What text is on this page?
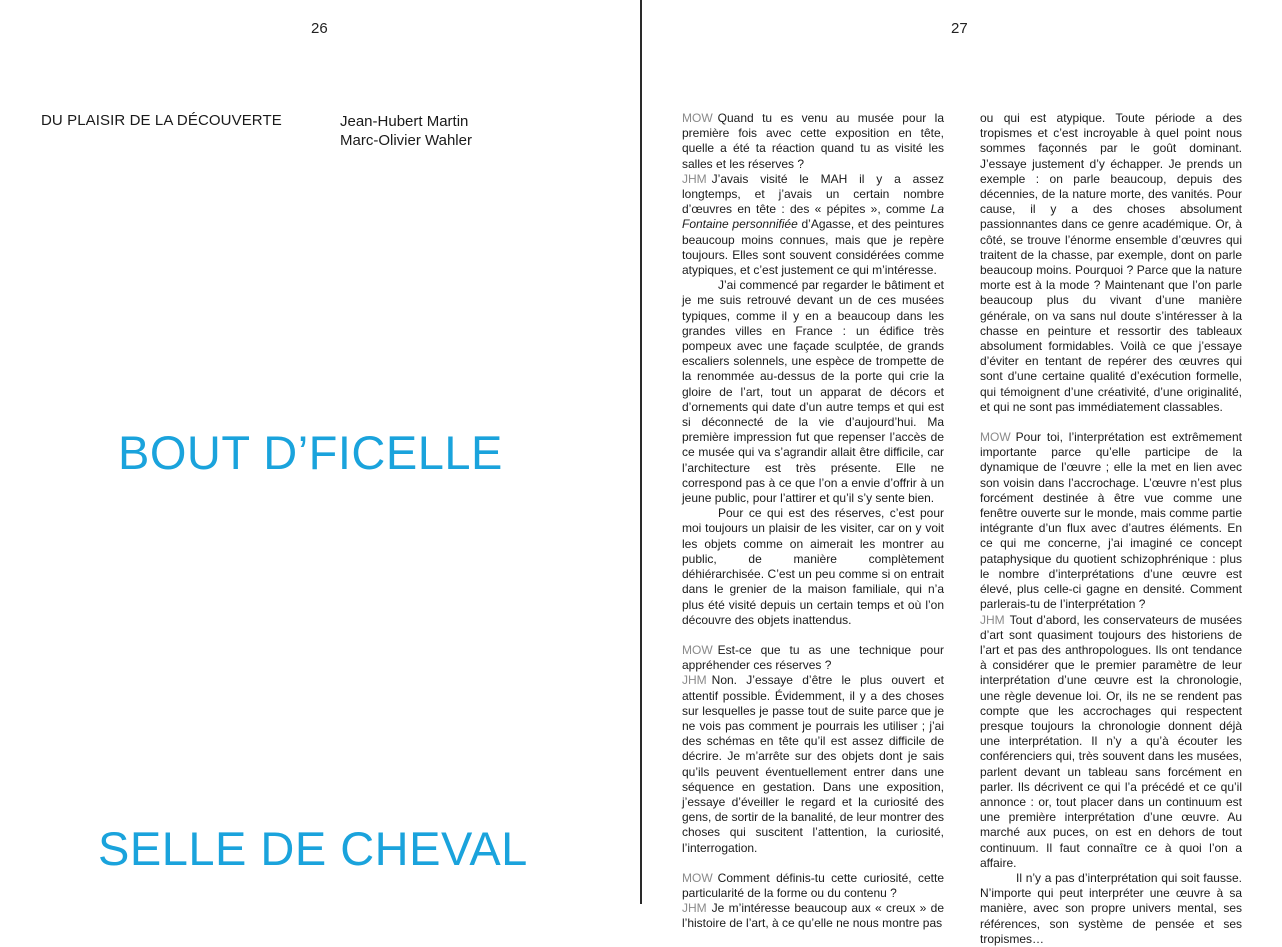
26
DU PLAISIR DE LA DÉCOUVERTE	Jean-Hubert Martin
Marc-Olivier Wahler
BOUT D’FICELLE
SELLE DE CHEVAL
27

MOW Quand tu es venu au musée pour la première fois avec cette exposition en tête, quelle a été ta réaction quand tu as visité les salles et les réserves ?

JHM J’avais visité le MAH il y a assez longtemps, et j’avais un certain nombre d’œuvres en tête : des « pépites », comme La Fontaine personnifiée d’Agasse, et des peintures beaucoup moins connues, mais que je repère toujours. Elles sont souvent considérées comme atypiques, et c’est justement ce qui m’intéresse.

J’ai commencé par regarder le bâtiment et je me suis retrouvé devant un de ces musées typiques, comme il y en a beaucoup dans les grandes villes en France : un édifice très pompeux avec une façade sculptée, de grands escaliers solennels, une espèce de trompette de la renommée au-dessus de la porte qui crie la gloire de l’art, tout un apparat de décors et d’ornements qui date d’un autre temps et qui est si déconnecté de la vie d’aujourd’hui. Ma première impression fut que repenser l’accès de ce musée qui va s’agrandir allait être difficile, car l’architecture est très présente. Elle ne correspond pas à ce que l’on a envie d’offrir à un jeune public, pour l’attirer et qu’il s’y sente bien.

Pour ce qui est des réserves, c’est pour moi toujours un plaisir de les visiter, car on y voit les objets comme on aimerait les montrer au public, de manière complètement déhiérarchisée. C’est un peu comme si on entrait dans le grenier de la maison familiale, qui n’a plus été visité depuis un certain temps et où l’on découvre des objets inattendus.

MOW Est-ce que tu as une technique pour appréhender ces réserves ?

JHM Non. J’essaye d’être le plus ouvert et attentif possible. Évidemment, il y a des choses sur lesquelles je passe tout de suite parce que je ne vois pas comment je pourrais les utiliser ; j’ai des schémas en tête qu’il est assez difficile de décrire. Je m’arrête sur des objets dont je sais qu’ils peuvent éventuellement entrer dans une séquence en gestation. Dans une exposition, j’essaye d’éveiller le regard et la curiosité des gens, de sortir de la banalité, de leur montrer des choses qui suscitent l’attention, la curiosité, l’interrogation.

MOW Comment définis-tu cette curiosité, cette particularité de la forme ou du contenu ?

JHM Je m’intéresse beaucoup aux « creux » de l’histoire de l’art, à ce qu’elle ne nous montre pas

ou qui est atypique. Toute période a des tropismes et c’est incroyable à quel point nous sommes façonnés par le goût dominant. J’essaye justement d’y échapper. Je prends un exemple : on parle beaucoup, depuis des décennies, de la nature morte, des vanités. Pour cause, il y a des choses absolument passionnantes dans ce genre académique. Or, à côté, se trouve l’énorme ensemble d’œuvres qui traitent de la chasse, par exemple, dont on parle beaucoup moins. Pourquoi ? Parce que la nature morte est à la mode ? Maintenant que l’on parle beaucoup plus du vivant d’une manière générale, on va sans nul doute s’intéresser à la chasse en peinture et ressortir des tableaux absolument formidables. Voilà ce que j’essaye d’éviter en tentant de repérer des œuvres qui sont d’une certaine qualité d’exécution formelle, qui témoignent d’une créativité, d’une originalité, et qui ne sont pas immédiatement classables.

MOW Pour toi, l’interprétation est extrêmement importante parce qu’elle participe de la dynamique de l’œuvre ; elle la met en lien avec son voisin dans l’accrochage. L’œuvre n’est plus forcément destinée à être vue comme une fenêtre ouverte sur le monde, mais comme partie intégrante d’un flux avec d’autres éléments. En ce qui me concerne, j’ai imaginé ce concept pataphysique du quotient schizophrénique : plus le nombre d’interprétations d’une œuvre est élevé, plus celle-ci gagne en densité. Comment parlerais-tu de l’interprétation ?

JHM Tout d’abord, les conservateurs de musées d’art sont quasiment toujours des historiens de l’art et pas des anthropologues. Ils ont tendance à considérer que le premier paramètre de leur interprétation d’une œuvre est la chronologie, une règle devenue loi. Or, ils ne se rendent pas compte que les accrochages qui respectent presque toujours la chronologie donnent déjà une interprétation. Il n’y a qu’à écouter les conférenciers qui, très souvent dans les musées, parlent devant un tableau sans forcément en parler. Ils décrivent ce qui l’a précédé et ce qu’il annonce : or, tout placer dans un continuum est une première interprétation d’une œuvre. Au marché aux puces, on est en dehors de tout continuum. Il faut connaître ce à quoi l’on a affaire.

Il n’y a pas d’interprétation qui soit fausse. N’importe qui peut interpréter une œuvre à sa manière, avec son propre univers mental, ses références, son système de pensée et ses tropismes…
